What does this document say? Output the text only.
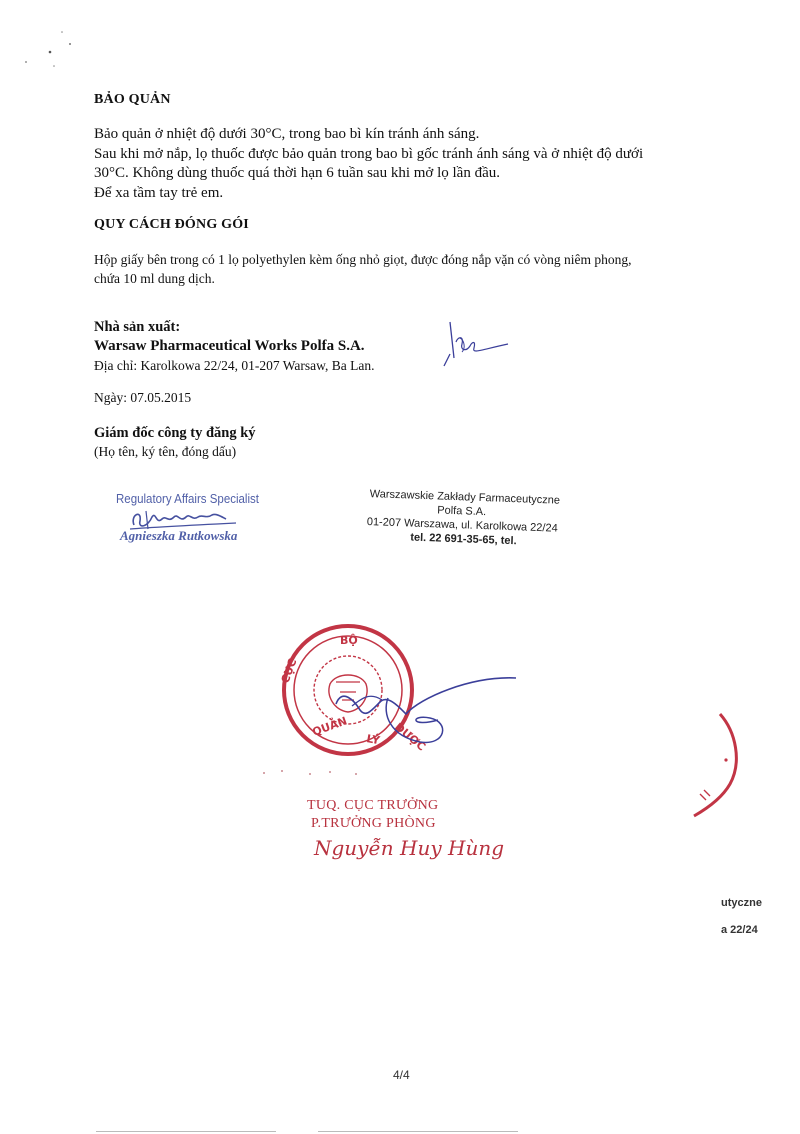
BẢO QUẢN
Bảo quản ở nhiệt độ dưới 30°C, trong bao bì kín tránh ánh sáng.
Sau khi mở nắp, lọ thuốc được bảo quản trong bao bì gốc tránh ánh sáng và ở nhiệt độ dưới
30°C. Không dùng thuốc quá thời hạn 6 tuần sau khi mở lọ lần đầu.
Để xa tầm tay trẻ em.
QUY CÁCH ĐÓNG GÓI
Hộp giấy bên trong có 1 lọ polyethylen kèm ống nhỏ giọt, được đóng nắp vặn có vòng niêm phong,
chứa 10 ml dung dịch.
Nhà sản xuất:
Warsaw Pharmaceutical Works Polfa S.A.
Địa chỉ: Karolkowa 22/24, 01-207 Warsaw, Ba Lan.
Ngày: 07.05.2015
Giám đốc công ty đăng ký
(Họ tên, ký tên, đóng dấu)
Regulatory Affairs Specialist
Agnieszka Rutkowska
Warszawskie Zakłady Farmaceutyczne
Polfa S.A.
01-207 Warszawa, ul. Karolkowa 22/24
tel. 22 691-35-65, tel.
BỘ
CỤC
QUẢN
LÝ DƯỢC
TUQ. CỤC TRƯỞNG
P.TRƯỞNG PHÒNG
Nguyễn Huy Hùng
utyczne
a 22/24
4/4
